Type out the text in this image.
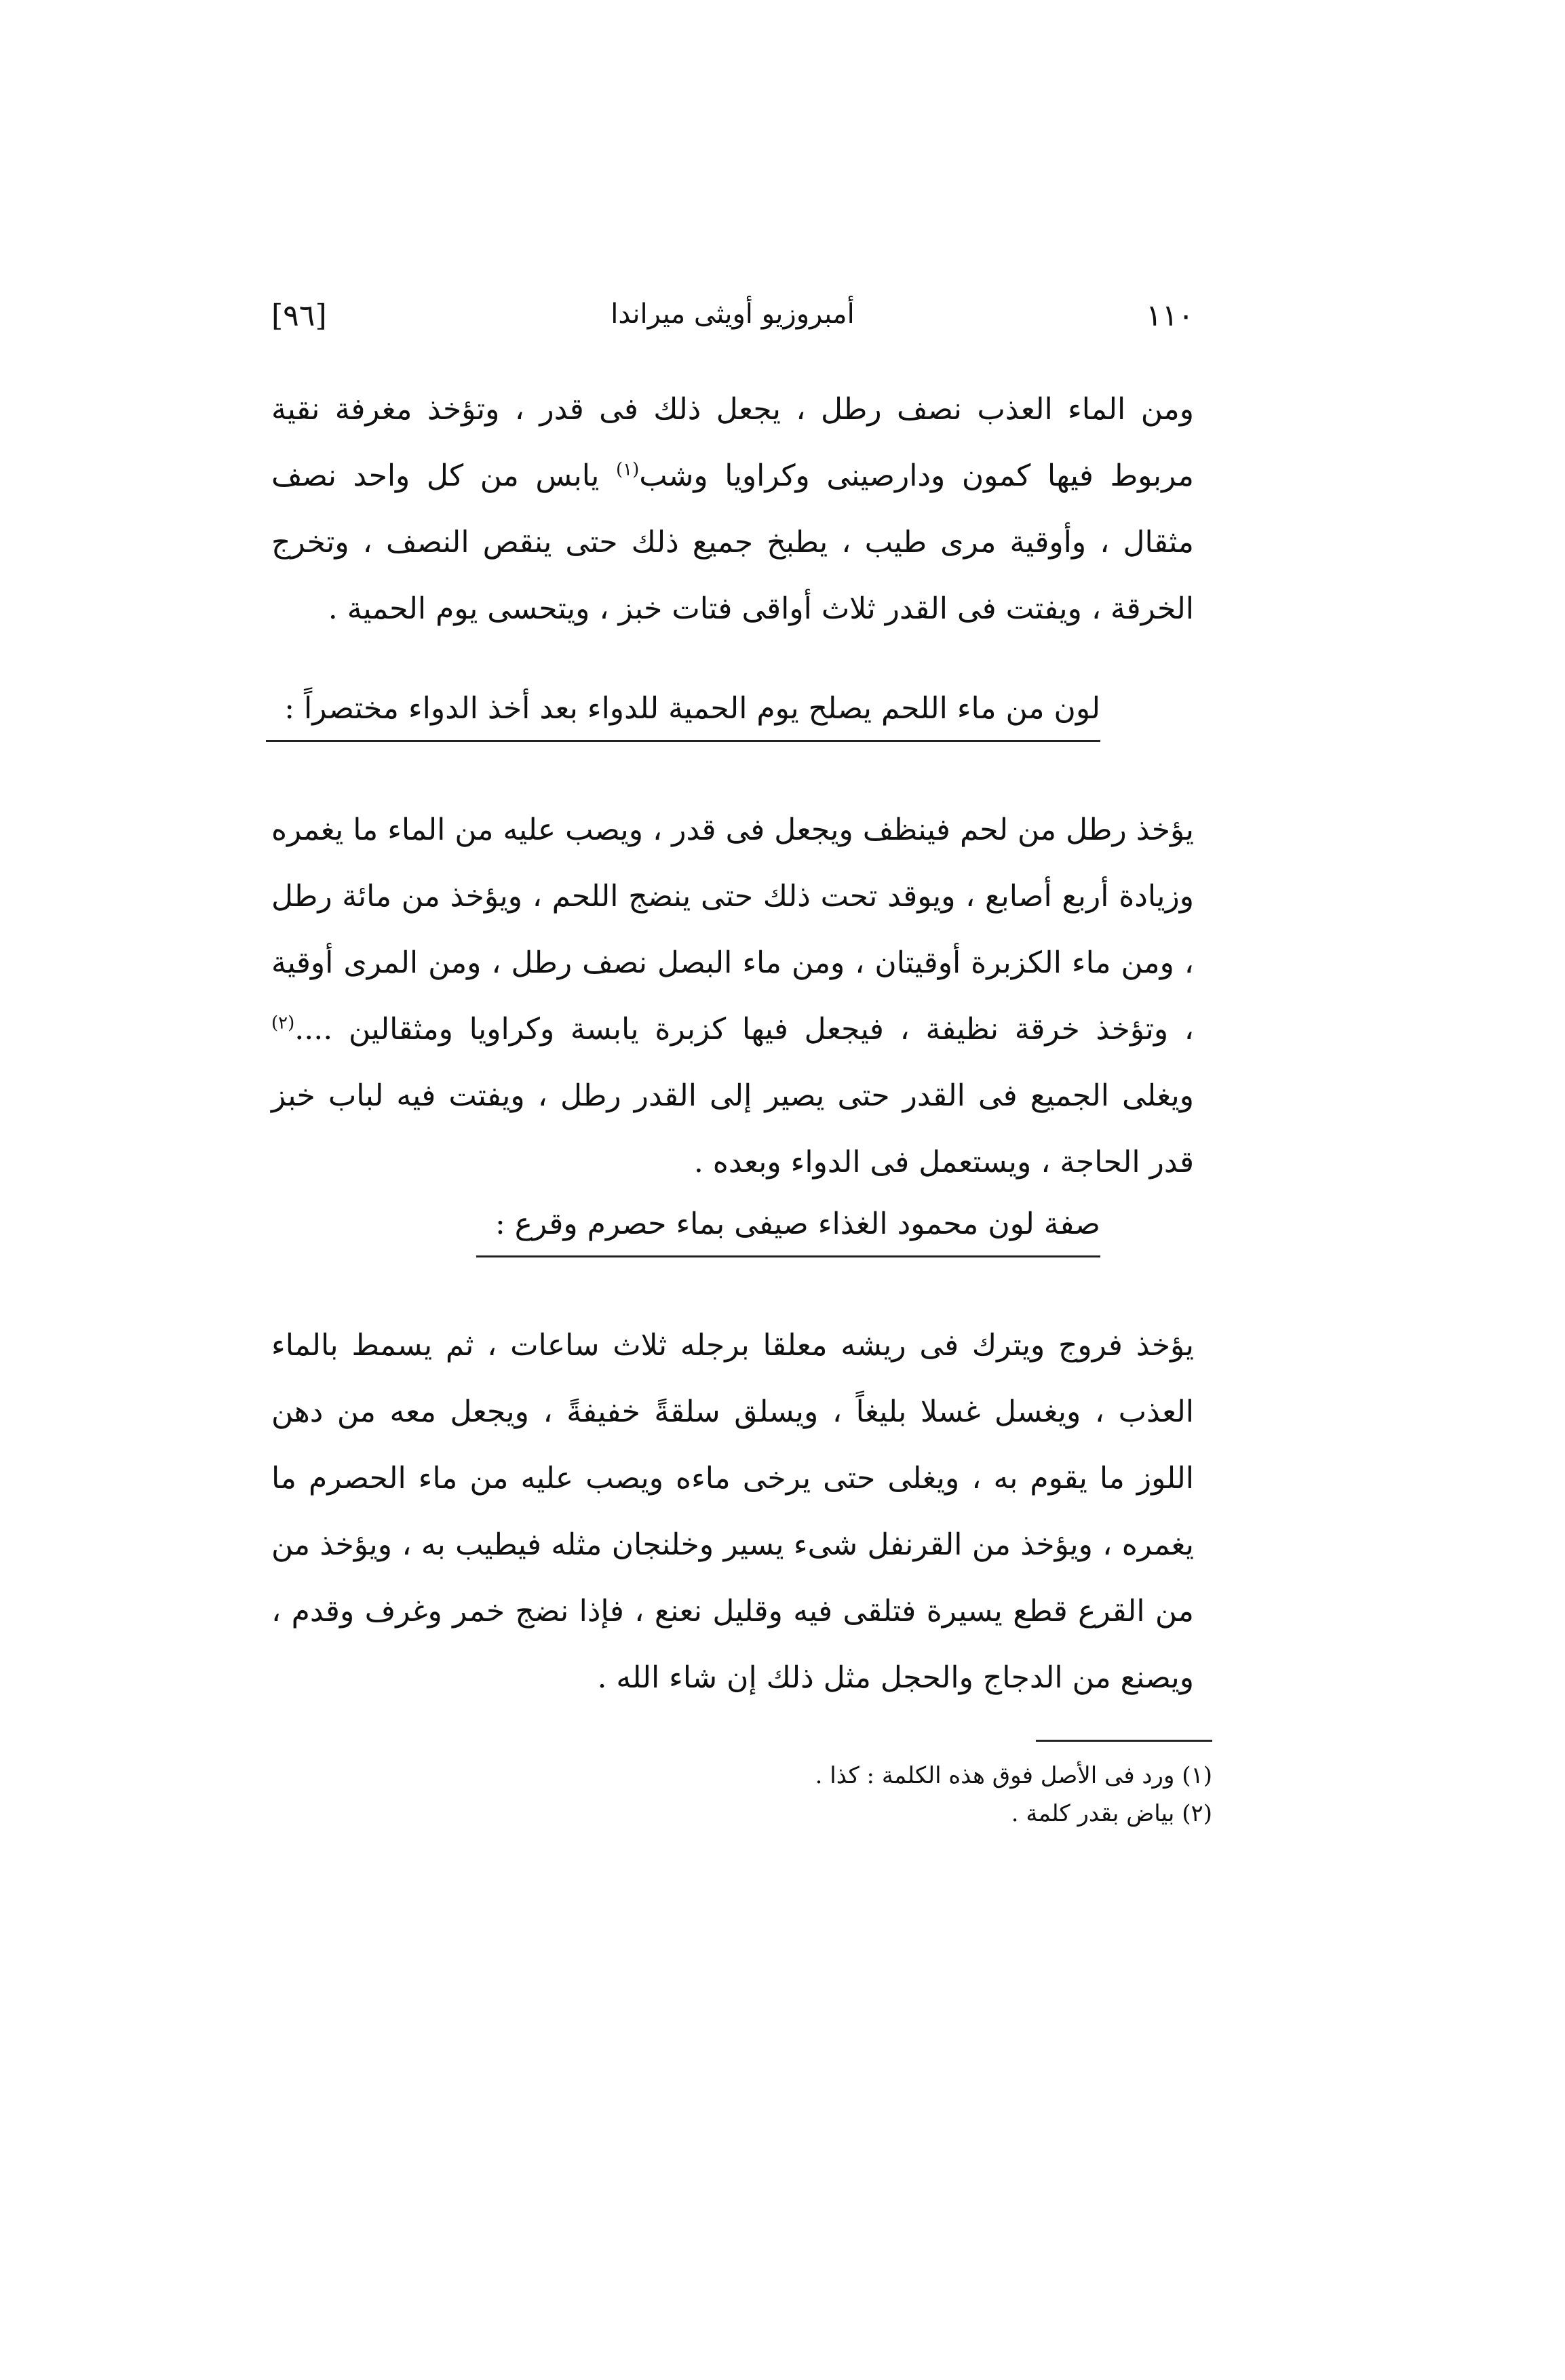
[٩٦]	أمبروزيو أويثى ميراندا	١١٠
ومن الماء العذب نصف رطل ، يجعل ذلك فى قدر ، وتؤخذ مغرفة نقية مربوط فيها كمون ودارصينى وكراويا وشب$^{(١)}$ يابس من كل واحد نصف مثقال ، وأوقية مرى طيب ، يطبخ جميع ذلك حتى ينقص النصف ، وتخرج الخرقة ، ويفتت فى القدر ثلاث أواقى فتات خبز ، ويتحسى يوم الحمية .
لون من ماء اللحم يصلح يوم الحمية للدواء بعد أخذ الدواء مختصراً :
يؤخذ رطل من لحم فينظف ويجعل فى قدر ، ويصب عليه من الماء ما يغمره وزيادة أربع أصابع ، ويوقد تحت ذلك حتى ينضج اللحم ، ويؤخذ من مائة رطل ، ومن ماء الكزبرة أوقيتان ، ومن ماء البصل نصف رطل ، ومن المرى أوقية ، وتؤخذ خرقة نظيفة ، فيجعل فيها كزبرة يابسة وكراويا ومثقالين ....$^{(٢)}$ ويغلى الجميع فى القدر حتى يصير إلى القدر رطل ، ويفتت فيه لباب خبز قدر الحاجة ، ويستعمل فى الدواء وبعده .
صفة لون محمود الغذاء صيفى بماء حصرم وقرع :
يؤخذ فروج ويترك فى ريشه معلقا برجله ثلاث ساعات ، ثم يسمط بالماء العذب ، ويغسل غسلا بليغاً ، ويسلق سلقةً خفيفةً ، ويجعل معه من دهن اللوز ما يقوم به ، ويغلى حتى يرخى ماءه ويصب عليه من ماء الحصرم ما يغمره ، ويؤخذ من القرنفل شىء يسير وخلنجان مثله فيطيب به ، ويؤخذ من من القرع قطع يسيرة فتلقى فيه وقليل نعنع ، فإذا نضج خمر وغرف وقدم ، ويصنع من الدجاج والحجل مثل ذلك إن شاء الله .
(١) ورد فى الأصل فوق هذه الكلمة : كذا .
(٢) بياض بقدر كلمة .
